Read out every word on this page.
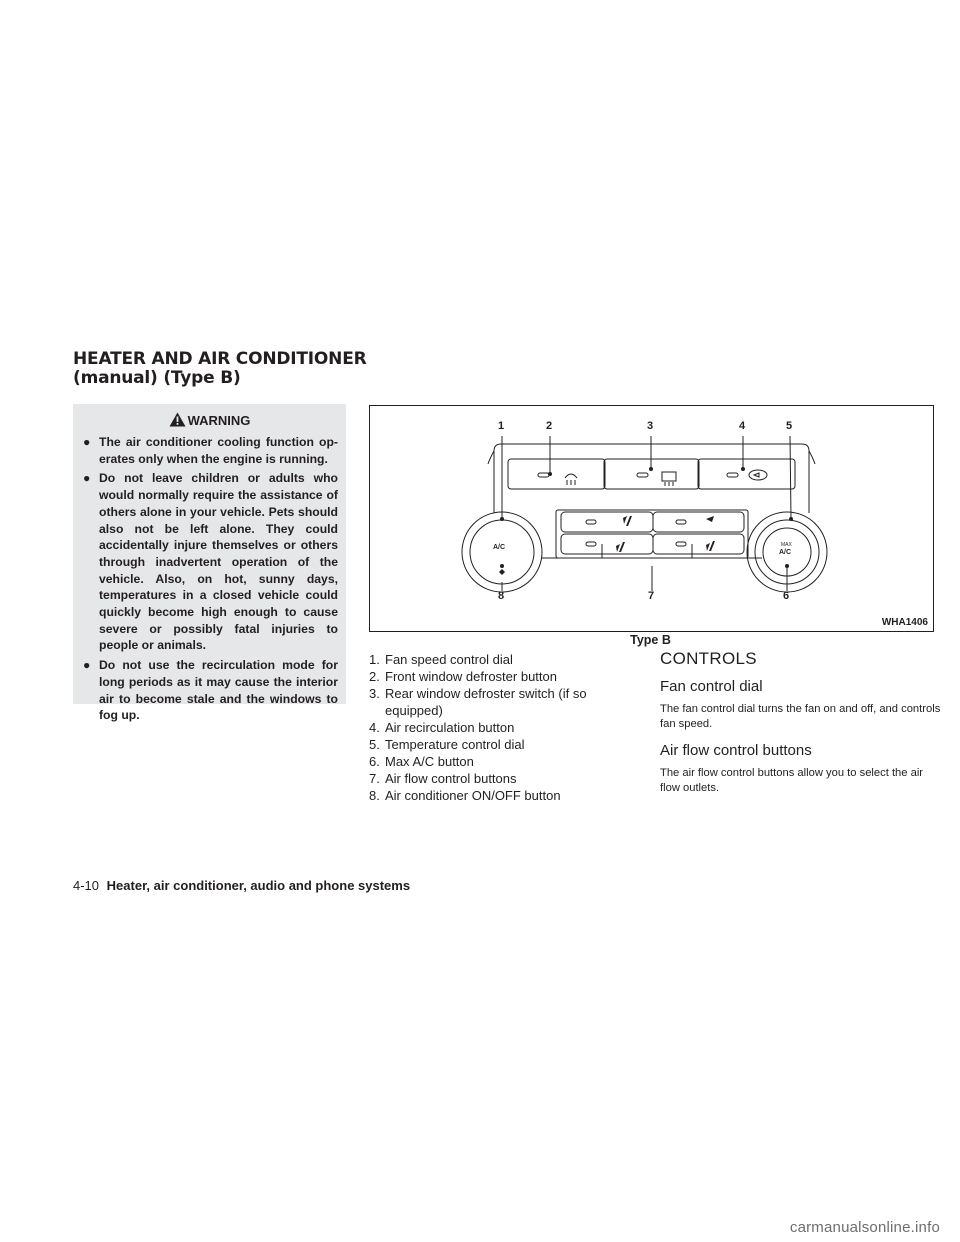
HEATER AND AIR CONDITIONER
(manual) (Type B)
WARNING
● The air conditioner cooling function op- erates only when the engine is running.
● Do not leave children or adults who would normally require the assistance of others alone in your vehicle. Pets should also not be left alone. They could accidentally injure themselves or others through inadvertent operation of the vehicle. Also, on hot, sunny days, temperatures in a closed vehicle could quickly become high enough to cause severe or possibly fatal injuries to people or animals.
● Do not use the recirculation mode for long periods as it may cause the interior air to become stale and the windows to fog up.
1	2	3	4	5
8	7	6
A/C	MAX
A/C
WHA1406
Type B
1. Fan speed control dial
2. Front window defroster button
3. Rear window defroster switch (if so equipped)
4. Air recirculation button
5. Temperature control dial
6. Max A/C button
7. Air flow control buttons
8. Air conditioner ON/OFF button
CONTROLS
Fan control dial

The fan control dial turns the fan on and off, and controls fan speed.

Air flow control buttons

The air flow control buttons allow you to select the air flow outlets.

4-10 Heater, air conditioner, audio and phone systems
carmanualsonline.info
